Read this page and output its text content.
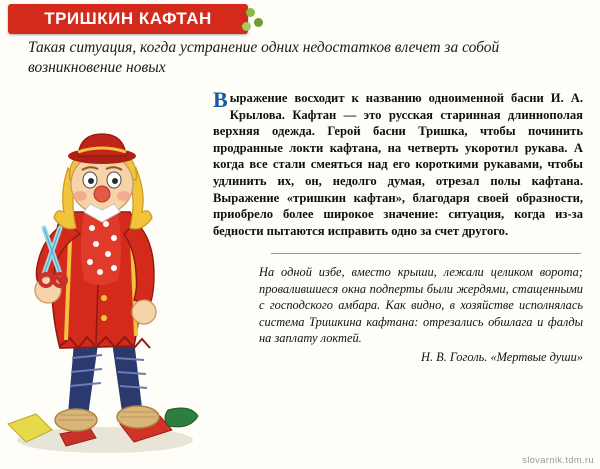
ТРИШКИН КАФТАН
Такая ситуация, когда устранение одних недостатков влечет за собой возникновение новых
Выражение восходит к названию одноименной басни И. А. Крылова. Кафтан — это русская старинная длиннополая верхняя одежда. Герой басни Тришка, чтобы починить продранные локти кафтана, на четверть укоротил рукава. А когда все стали смеяться над его короткими рукавами, чтобы удлинить их, он, недолго думая, отрезал полы кафтана. Выражение «тришкин кафтан», благодаря своей образности, приобрело более широкое значение: ситуация, когда из-за бедности пытаются исправить одно за счет другого.
На одной избе, вместо крыши, лежали целиком ворота; провалившиеся окна подперты были жердями, стащенными с господского амбара. Как видно, в хозяйстве исполнялась система Тришкина кафтана: отрезались обшлага и фалды на заплату локтей.
Н. В. Гоголь. «Мертвые души»
slovarnik.tdm.ru
